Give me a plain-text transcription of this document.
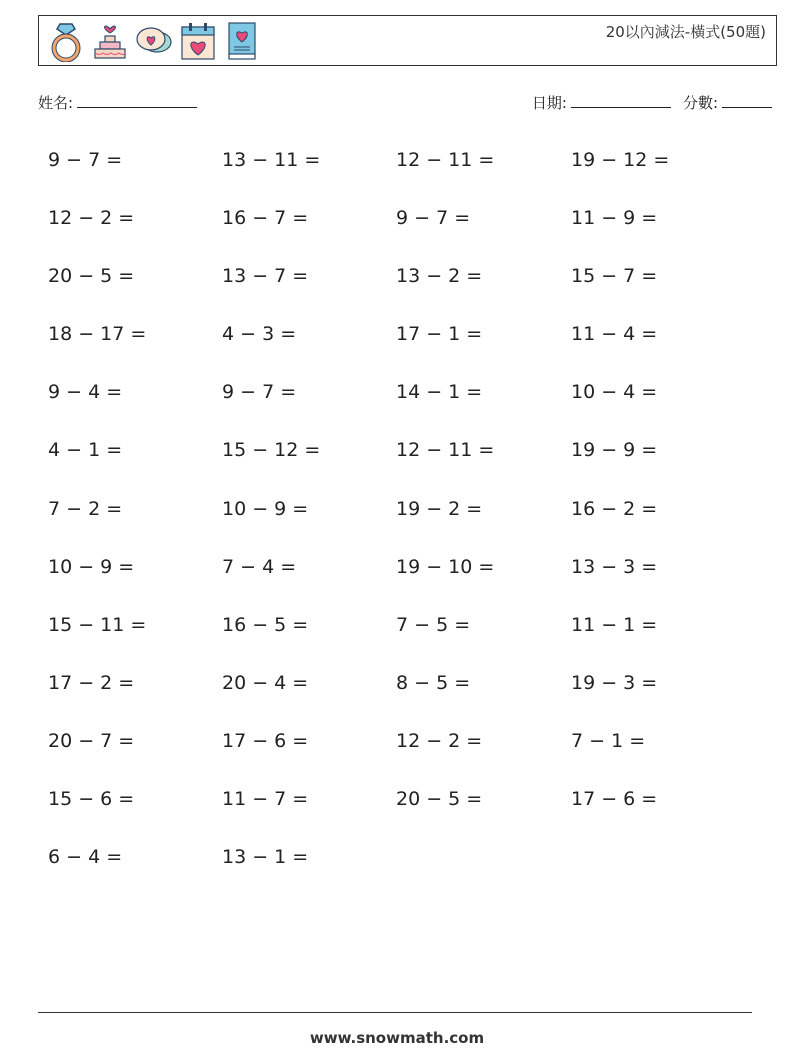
20以內減法-橫式(50題)
姓名:	日期:	分數:
9 − 7 =	13 − 11 =	12 − 11 =	19 − 12 =
12 − 2 =	16 − 7 =	9 − 7 =	11 − 9 =
20 − 5 =	13 − 7 =	13 − 2 =	15 − 7 =
18 − 17 =	4 − 3 =	17 − 1 =	11 − 4 =
9 − 4 =	9 − 7 =	14 − 1 =	10 − 4 =
4 − 1 =	15 − 12 =	12 − 11 =	19 − 9 =
7 − 2 =	10 − 9 =	19 − 2 =	16 − 2 =
10 − 9 =	7 − 4 =	19 − 10 =	13 − 3 =
15 − 11 =	16 − 5 =	7 − 5 =	11 − 1 =
17 − 2 =	20 − 4 =	8 − 5 =	19 − 3 =
20 − 7 =	17 − 6 =	12 − 2 =	7 − 1 =
15 − 6 =	11 − 7 =	20 − 5 =	17 − 6 =
6 − 4 =	13 − 1 =
www.snowmath.com
